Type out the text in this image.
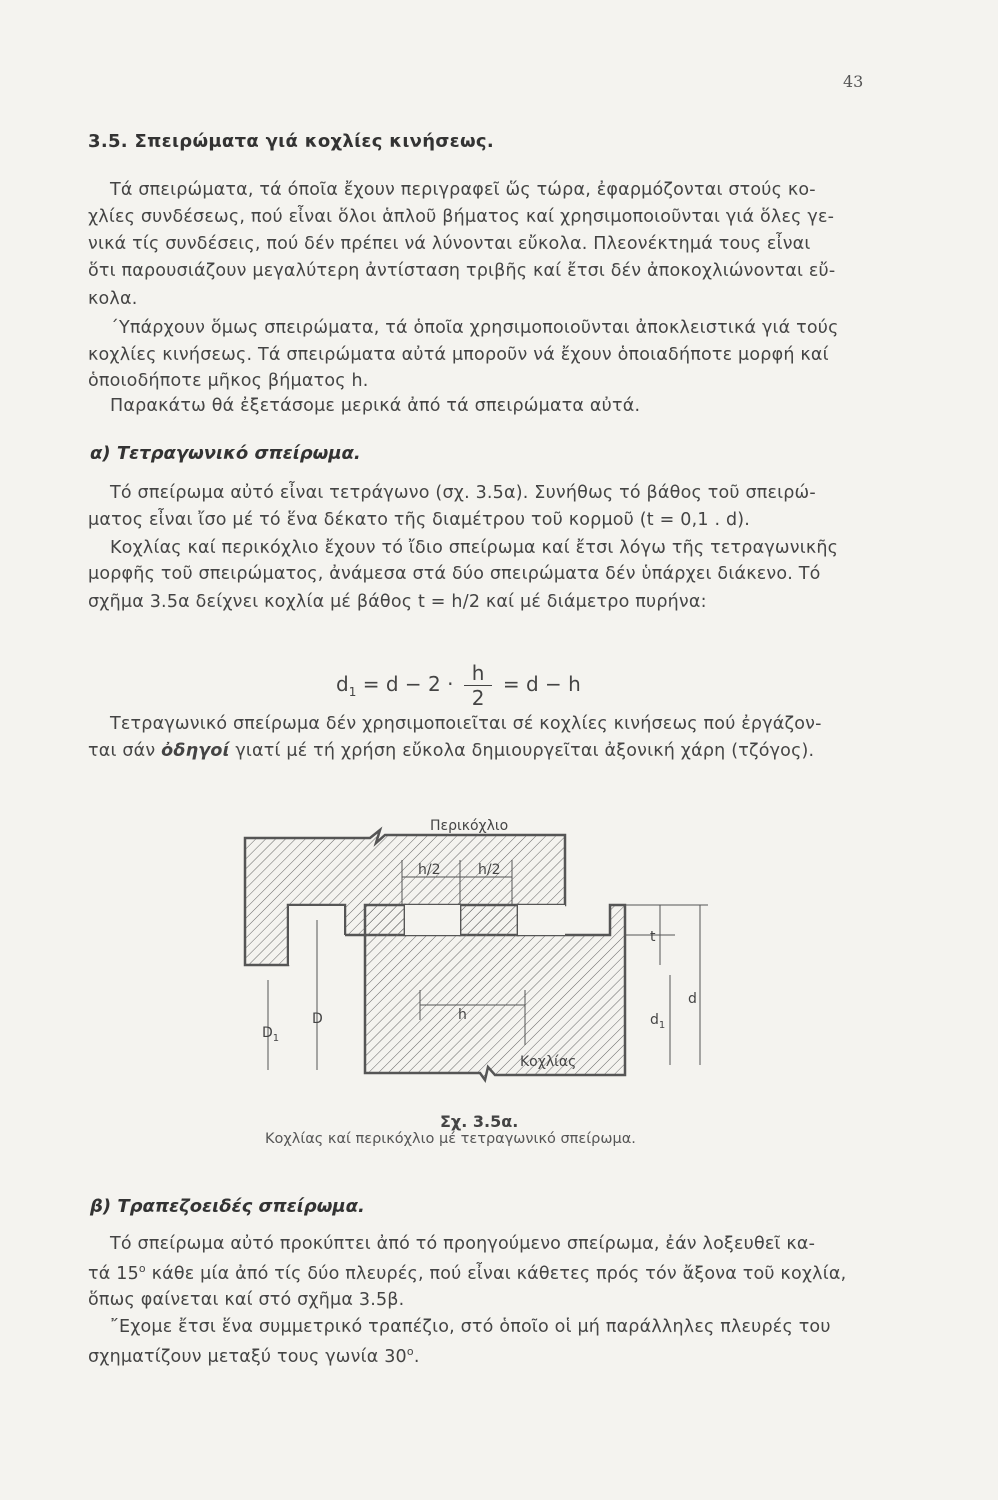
43
3.5. Σπειρώματα γιά κοχλίες κινήσεως.
Τά σπειρώματα, τά όποῖα ἔχουν περιγραφεῖ ὥς τώρα, ἐφαρμόζονται στούς κο-
χλίες συνδέσεως, πού εἶναι ὅλοι ἁπλοῦ βήματος καί χρησιμοποιοῦνται γιά ὅλες γε-
νικά τίς συνδέσεις, πού δέν πρέπει νά λύνονται εὔκολα. Πλεονέκτημά τους εἶναι
ὅτι παρουσιάζουν μεγαλύτερη ἀντίσταση τριβῆς καί ἔτσι δέν ἀποκοχλιώνονται εὔ-
κολα.
΄Υπάρχουν ὅμως σπειρώματα, τά ὁποῖα χρησιμοποιοῦνται ἀποκλειστικά γιά τούς
κοχλίες κινήσεως. Τά σπειρώματα αὐτά μποροῦν νά ἔχουν ὁποιαδήποτε μορφή καί
ὁποιοδήποτε μῆκος βήματος h.
Παρακάτω θά ἐξετάσομε μερικά ἀπό τά σπειρώματα αὐτά.
α) Τετραγωνικό σπείρωμα.
Τό σπείρωμα αὐτό εἶναι τετράγωνο (σχ. 3.5α). Συνήθως τό βάθος τοῦ σπειρώ-
ματος εἶναι ἴσο μέ τό ἕνα δέκατο τῆς διαμέτρου τοῦ κορμοῦ (t = 0,1 . d).
Κοχλίας καί περικόχλιο ἔχουν τό ἴδιο σπείρωμα καί ἔτσι λόγω τῆς τετραγωνικῆς
μορφῆς τοῦ σπειρώματος, ἀνάμεσα στά δύο σπειρώματα δέν ὑπάρχει διάκενο. Τό
σχῆμα 3.5α δείχνει κοχλία μέ βάθος t = h/2 καί μέ διάμετρο πυρήνα:
$d_1 = d - 2 \cdot \frac{h}{2} = d - h$
Τετραγωνικό σπείρωμα δέν χρησιμοποιεῖται σέ κοχλίες κινήσεως πού ἐργάζον-
ται σάν ὀδηγοί γιατί μέ τή χρήση εὔκολα δημιουργεῖται ἀξονική χάρη (τζόγος).
h/2	h/2
h
t
d
$d_1$
$D_1$
D
Περικόχλιο
Κοχλίας
Σχ. 3.5α.
Κοχλίας καί περικόχλιο μέ τετραγωνικό σπείρωμα.
β) Τραπεζοειδές σπείρωμα.
Τό σπείρωμα αὐτό προκύπτει ἀπό τό προηγούμενο σπείρωμα, ἐάν λοξευθεῖ κα-
τά $15^o$ κάθε μία ἀπό τίς δύο πλευρές, πού εἶναι κάθετες πρός τόν ἄξονα τοῦ κοχλία,
ὅπως φαίνεται καί στό σχῆμα 3.5β.
῎Εχομε ἔτσι ἕνα συμμετρικό τραπέζιο, στό ὁποῖο οἱ μή παράλληλες πλευρές του
σχηματίζουν μεταξύ τους γωνία $30^o$.
